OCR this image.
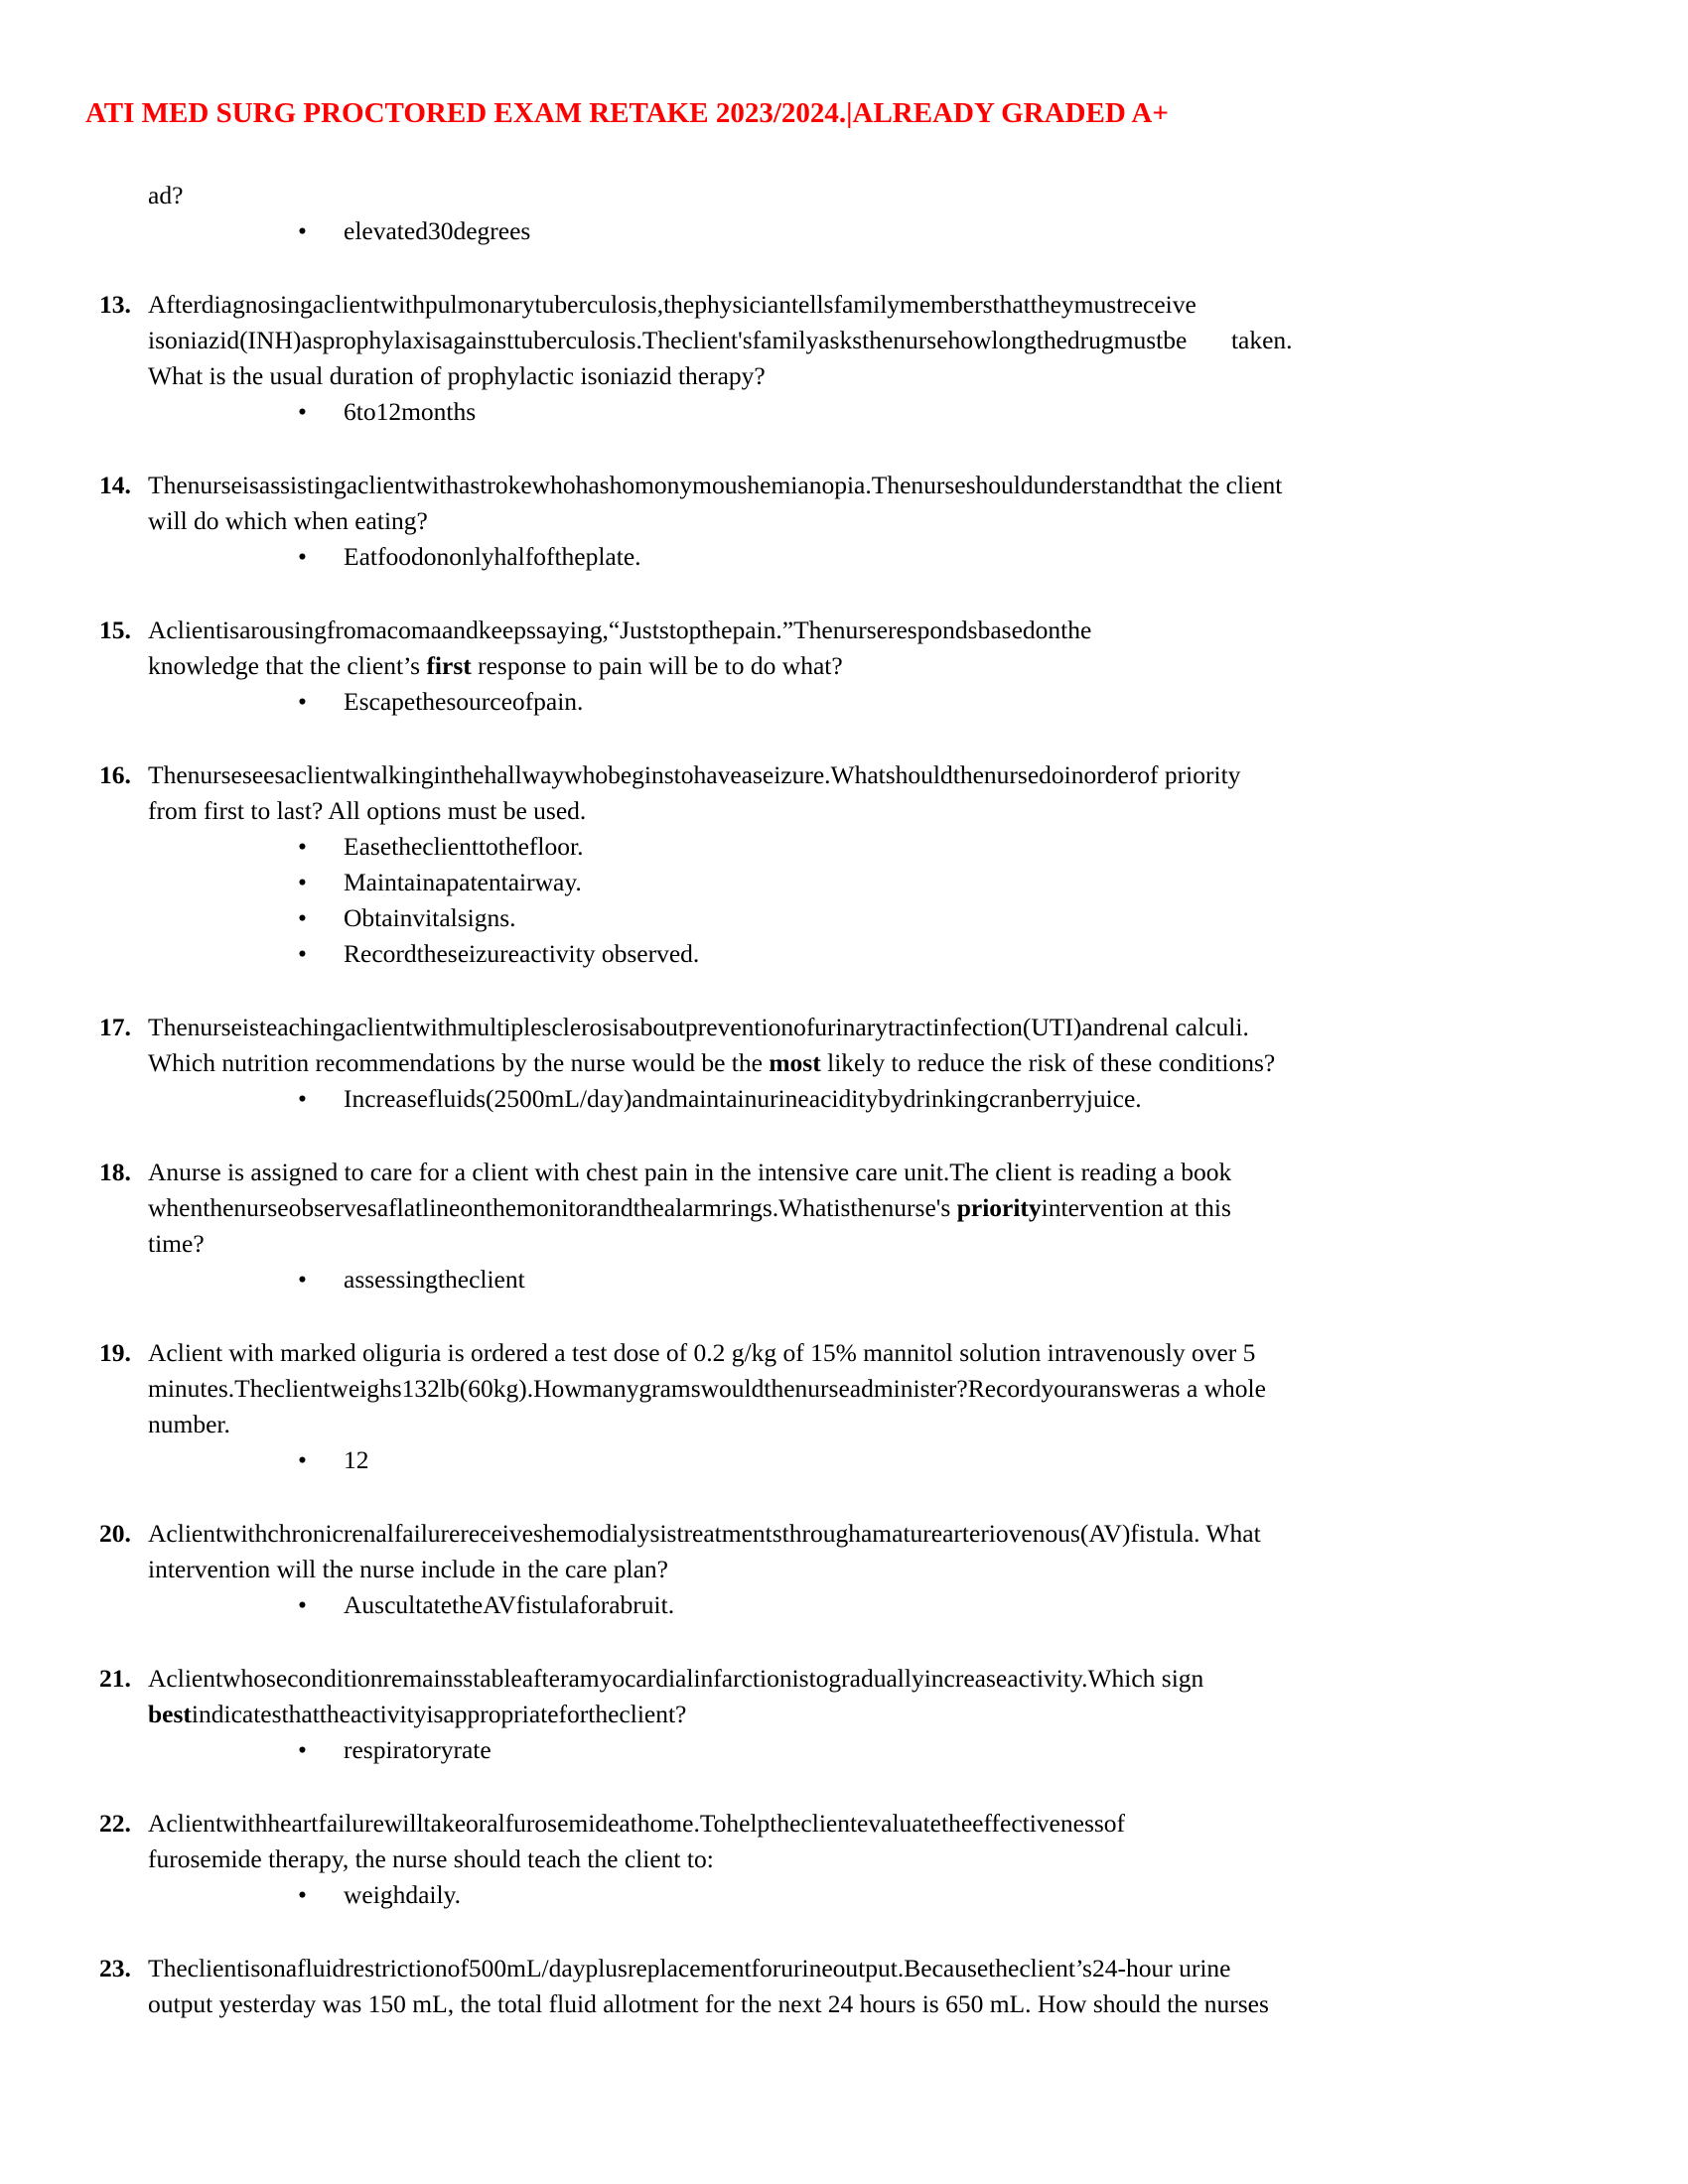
ATI MED SURG PROCTORED EXAM RETAKE 2023/2024.|ALREADY GRADED A+
ad?
• elevated30degrees
13. Afterdiagnosingaclientwithpulmonarytuberculosis,thephysiciantellsfamilymembersthattheymustreceive
isoniazid(INH)asprophylaxisagainsttuberculosis.Theclient'sfamilyasksthenursehowlongthedrugmustbe       taken.
What is the usual duration of prophylactic isoniazid therapy?
• 6to12months
14. Thenurseisassistingaclientwithastrokewhohashomonymoushemianopia.Thenurseshouldunderstandthat the client
will do which when eating?
• Eatfoodononlyhalfoftheplate.
15. Aclientisarousingfromacomaandkeepssaying,“Juststopthepain.”Thenurserespondsbasedonthe
knowledge that the client’s first response to pain will be to do what?
• Escapethesourceofpain.
16. Thenurseseesaclientwalkinginthehallwaywhobeginstohaveaseizure.Whatshouldthenursedoinorderof priority
from first to last? All options must be used.
• Easetheclienttothefloor.
• Maintainapatentairway.
• Obtainvitalsigns.
• Recordtheseizureactivity observed.
17. Thenurseisteachingaclientwithmultiplesclerosisaboutpreventionofurinarytractinfection(UTI)andrenal calculi.
Which nutrition recommendations by the nurse would be the most likely to reduce the risk of these conditions?
• Increasefluids(2500mL/day)andmaintainurineaciditybydrinkingcranberryjuice.
18. Anurse is assigned to care for a client with chest pain in the intensive care unit.The client is reading a book
whenthenurseobservesaflatlineonthemonitorandthealarmrings.Whatisthenurse's priorityintervention at this
time?
• assessingtheclient
19. Aclient with marked oliguria is ordered a test dose of 0.2 g/kg of 15% mannitol solution intravenously over 5
minutes.Theclientweighs132lb(60kg).Howmanygramswouldthenurseadminister?Recordyouransweras a whole
number.
• 12
20. Aclientwithchronicrenalfailurereceiveshemodialysistreatmentsthroughamaturearteriovenous(AV)fistula. What
intervention will the nurse include in the care plan?
• AuscultatetheAVfistulaforabruit.
21. Aclientwhoseconditionremainsstableafteramyocardialinfarctionistograduallyincreaseactivity.Which sign
bestindicatesthattheactivityisappropriatefortheclient?
• respiratoryrate
22. Aclientwithheartfailurewilltakeoralfurosemideathome.Tohelptheclientevaluatetheeffectivenessof
furosemide therapy, the nurse should teach the client to:
• weighdaily.
23. Theclientisonafluidrestrictionof500mL/dayplusreplacementforurineoutput.Becausetheclient’s24-hour urine
output yesterday was 150 mL, the total fluid allotment for the next 24 hours is 650 mL. How should the nurses
